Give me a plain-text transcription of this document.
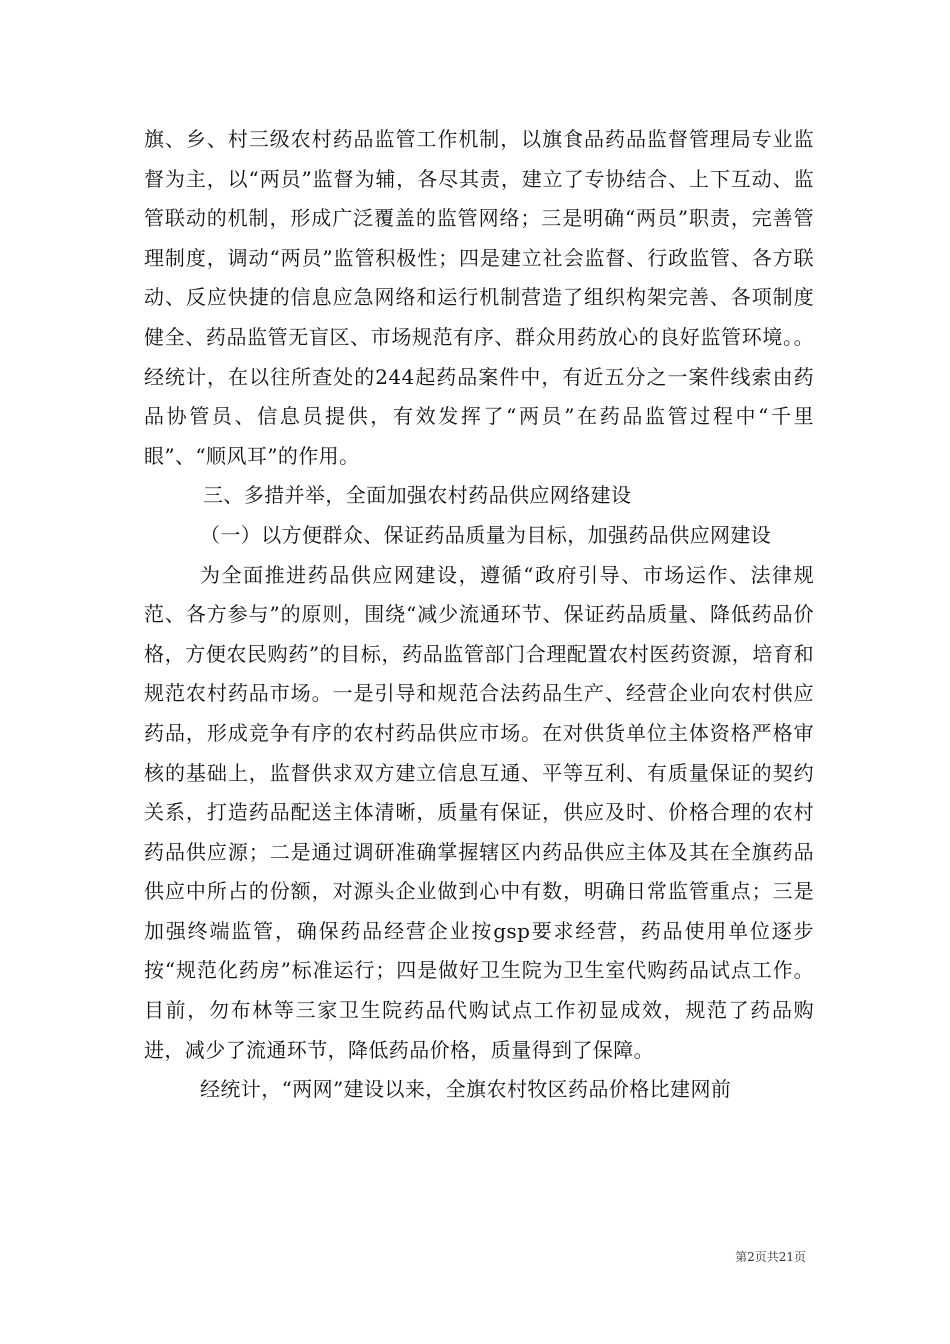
旗、乡、村三级农村药品监管工作机制，以旗食品药品监督管理局专业监督为主，以“两员”监督为辅，各尽其责，建立了专协结合、上下互动、监管联动的机制，形成广泛覆盖的监管网络；三是明确“两员”职责，完善管理制度，调动“两员”监管积极性；四是建立社会监督、行政监管、各方联动、反应快捷的信息应急网络和运行机制营造了组织构架完善、各项制度健全、药品监管无盲区、市场规范有序、群众用药放心的良好监管环境。。经统计，在以往所查处的244起药品案件中，有近五分之一案件线索由药品协管员、信息员提供，有效发挥了“两员”在药品监管过程中“千里眼”、“顺风耳”的作用。

三、多措并举，全面加强农村药品供应网络建设

（一）以方便群众、保证药品质量为目标，加强药品供应网建设

为全面推进药品供应网建设，遵循“政府引导、市场运作、法律规范、各方参与”的原则，围绕“减少流通环节、保证药品质量、降低药品价格，方便农民购药”的目标，药品监管部门合理配置农村医药资源，培育和规范农村药品市场。一是引导和规范合法药品生产、经营企业向农村供应药品，形成竞争有序的农村药品供应市场。在对供货单位主体资格严格审核的基础上，监督供求双方建立信息互通、平等互利、有质量保证的契约关系，打造药品配送主体清晰，质量有保证，供应及时、价格合理的农村药品供应源；二是通过调研准确掌握辖区内药品供应主体及其在全旗药品供应中所占的份额，对源头企业做到心中有数，明确日常监管重点；三是加强终端监管，确保药品经营企业按gsp要求经营，药品使用单位逐步按“规范化药房”标准运行；四是做好卫生院为卫生室代购药品试点工作。目前，勿布林等三家卫生院药品代购试点工作初显成效，规范了药品购进，减少了流通环节，降低药品价格，质量得到了保障。

经统计，“两网”建设以来，全旗农村牧区药品价格比建网前

第2页共21页
